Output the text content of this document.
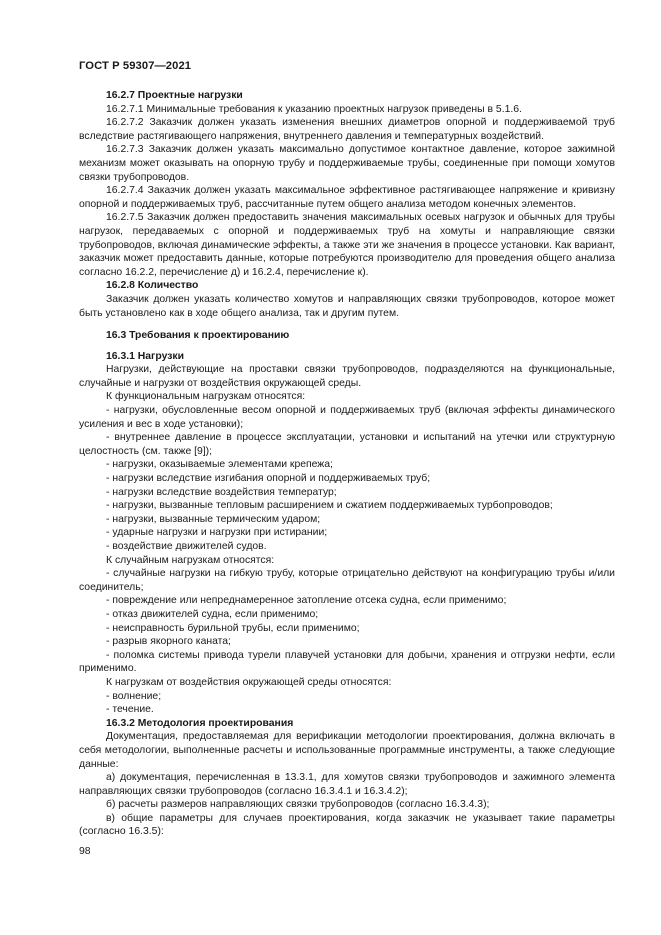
ГОСТ Р 59307—2021

16.2.7 Проектные нагрузки

16.2.7.1 Минимальные требования к указанию проектных нагрузок приведены в 5.1.6.

16.2.7.2 Заказчик должен указать изменения внешних диаметров опорной и поддерживаемой труб вследствие растягивающего напряжения, внутреннего давления и температурных воздействий.

16.2.7.3 Заказчик должен указать максимально допустимое контактное давление, которое зажимной механизм может оказывать на опорную трубу и поддерживаемые трубы, соединенные при помощи хомутов связки трубопроводов.

16.2.7.4 Заказчик должен указать максимальное эффективное растягивающее напряжение и кривизну опорной и поддерживаемых труб, рассчитанные путем общего анализа методом конечных элементов.

16.2.7.5 Заказчик должен предоставить значения максимальных осевых нагрузок и обычных для трубы нагрузок, передаваемых с опорной и поддерживаемых труб на хомуты и направляющие связки трубопроводов, включая динамические эффекты, а также эти же значения в процессе установки. Как вариант, заказчик может предоставить данные, которые потребуются производителю для проведения общего анализа согласно 16.2.2, перечисление д) и 16.2.4, перечисление к).

16.2.8 Количество

Заказчик должен указать количество хомутов и направляющих связки трубопроводов, которое может быть установлено как в ходе общего анализа, так и другим путем.

16.3 Требования к проектированию

16.3.1 Нагрузки

Нагрузки, действующие на проставки связки трубопроводов, подразделяются на функциональные, случайные и нагрузки от воздействия окружающей среды.

К функциональным нагрузкам относятся:

- нагрузки, обусловленные весом опорной и поддерживаемых труб (включая эффекты динамического усиления и вес в ходе установки);

- внутреннее давление в процессе эксплуатации, установки и испытаний на утечки или структурную целостность (см. также [9]);

- нагрузки, оказываемые элементами крепежа;

- нагрузки вследствие изгибания опорной и поддерживаемых труб;

- нагрузки вследствие воздействия температур;

- нагрузки, вызванные тепловым расширением и сжатием поддерживаемых турбопроводов;

- нагрузки, вызванные термическим ударом;

- ударные нагрузки и нагрузки при истирании;

- воздействие движителей судов.

К случайным нагрузкам относятся:

- случайные нагрузки на гибкую трубу, которые отрицательно действуют на конфигурацию трубы и/или соединитель;

- повреждение или непреднамеренное затопление отсека судна, если применимо;

- отказ движителей судна, если применимо;

- неисправность бурильной трубы, если применимо;

- разрыв якорного каната;

- поломка системы привода турели плавучей установки для добычи, хранения и отгрузки нефти, если применимо.

К нагрузкам от воздействия окружающей среды относятся:

- волнение;

- течение.

16.3.2 Методология проектирования

Документация, предоставляемая для верификации методологии проектирования, должна включать в себя методологии, выполненные расчеты и использованные программные инструменты, а также следующие данные:

а) документация, перечисленная в 13.3.1, для хомутов связки трубопроводов и зажимного элемента направляющих связки трубопроводов (согласно 16.3.4.1 и 16.3.4.2);

б) расчеты размеров направляющих связки трубопроводов (согласно 16.3.4.3);

в) общие параметры для случаев проектирования, когда заказчик не указывает такие параметры (согласно 16.3.5):

98
